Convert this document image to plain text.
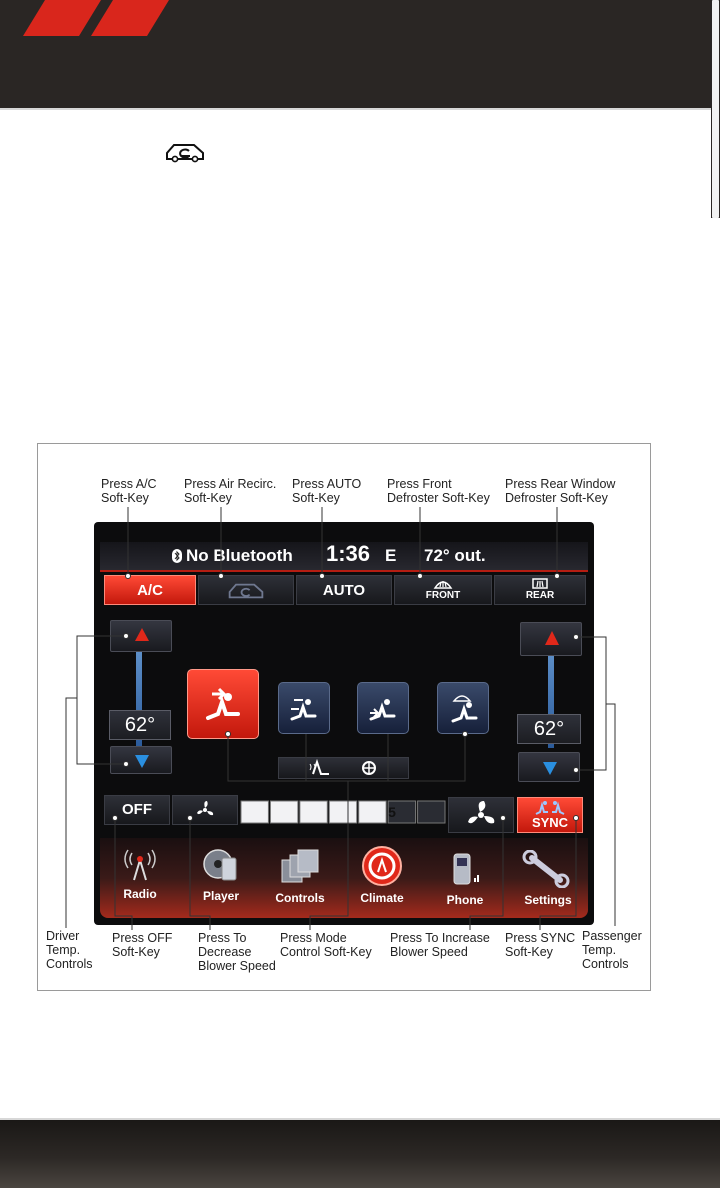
Press A/C
Soft-Key
Press Air Recirc.
Soft-Key
Press AUTO
Soft-Key
Press Front
Defroster Soft-Key
Press Rear Window
Defroster Soft-Key
No Bluetooth 1:36 E 72° out.
A/C	AUTO	FRONT	REAR
62°	62°
OFF	5
SYNC
Radio	Player	Controls	Climate	Phone	Settings
Driver
Temp.
Controls
Press OFF
Soft-Key
Press To
Decrease
Blower Speed
Press Mode
Control Soft-Key
Press To Increase
Blower Speed
Press SYNC
Soft-Key
Passenger
Temp.
Controls
